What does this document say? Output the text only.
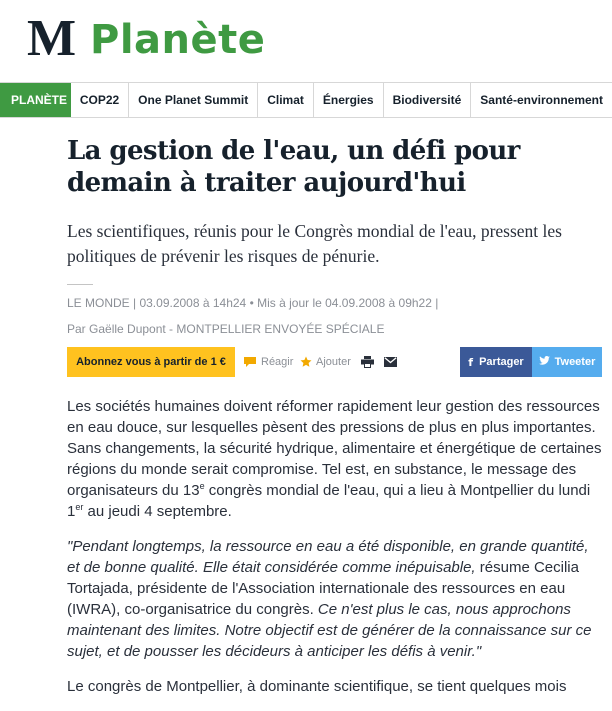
M Planète
PLANÈTE	COP22	One Planet Summit	Climat	Énergies	Biodiversité	Santé-environnement
La gestion de l'eau, un défi pour demain à traiter aujourd'hui

Les scientifiques, réunis pour le Congrès mondial de l'eau, pressent les politiques de prévenir les risques de pénurie.

LE MONDE | 03.09.2008 à 14h24 • Mis à jour le 04.09.2008 à 09h22 |
Par Gaëlle Dupont - MONTPELLIER ENVOYÉE SPÉCIALE
Abonnez vous à partir de 1 €	Réagir Ajouter	f Partager	Tweeter

Les sociétés humaines doivent réformer rapidement leur gestion des ressources en eau douce, sur lesquelles pèsent des pressions de plus en plus importantes. Sans changements, la sécurité hydrique, alimentaire et énergétique de certaines régions du monde serait compromise. Tel est, en substance, le message des organisateurs du 13e congrès mondial de l'eau, qui a lieu à Montpellier du lundi 1er au jeudi 4 septembre.

"Pendant longtemps, la ressource en eau a été disponible, en grande quantité, et de bonne qualité. Elle était considérée comme inépuisable, résume Cecilia Tortajada, présidente de l'Association internationale des ressources en eau (IWRA), co-organisatrice du congrès. Ce n'est plus le cas, nous approchons maintenant des limites. Notre objectif est de générer de la connaissance sur ce sujet, et de pousser les décideurs à anticiper les défis à venir."

Le congrès de Montpellier, à dominante scientifique, se tient quelques mois
